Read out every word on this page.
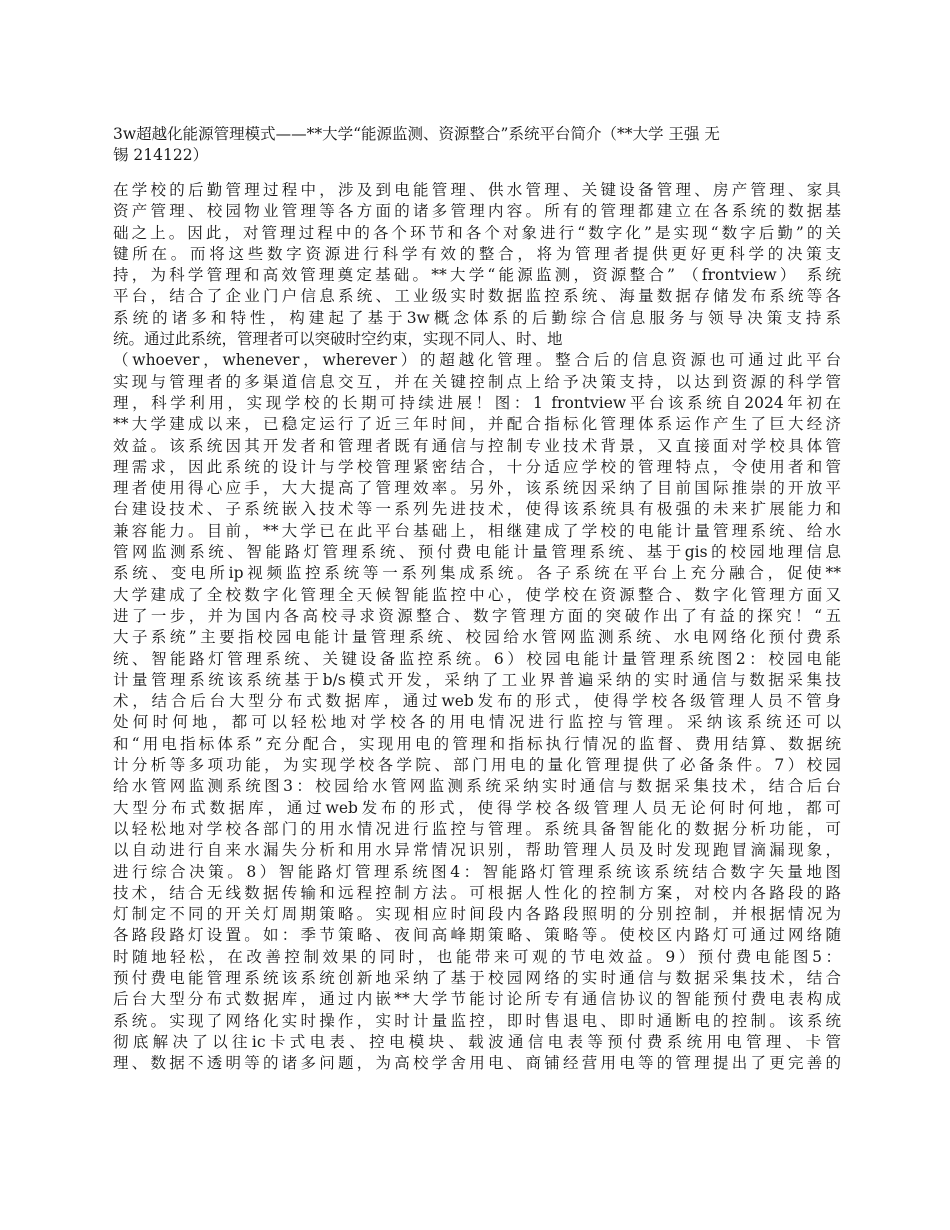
3w超越化能源管理模式——**大学“能源监测、资源整合”系统平台简介（**大学 王强 无
锡 214122）
在学校的后勤管理过程中，涉及到电能管理、供水管理、关键设备管理、房产管理、家具
资产管理、校园物业管理等各方面的诸多管理内容。所有的管理都建立在各系统的数据基
础之上。因此，对管理过程中的各个环节和各个对象进行“数字化”是实现“数字后勤”的关
键所在。而将这些数字资源进行科学有效的整合，将为管理者提供更好更科学的决策支
持，为科学管理和高效管理奠定基础。**大学“能源监测，资源整合” （frontview） 系统
平台，结合了企业门户信息系统、工业级实时数据监控系统、海量数据存储发布系统等各
系统的诸多和特性，构建起了基于3w概念体系的后勤综合信息服务与领导决策支持系
统。通过此系统，管理者可以突破时空约束，实现不同人、时、地
（whoever，whenever，wherever）的超越化管理。整合后的信息资源也可通过此平台
实现与管理者的多渠道信息交互，并在关键控制点上给予决策支持，以达到资源的科学管
理，科学利用，实现学校的长期可持续进展！图：1 frontview平台该系统自2024年初在
**大学建成以来，已稳定运行了近三年时间，并配合指标化管理体系运作产生了巨大经济
效益。该系统因其开发者和管理者既有通信与控制专业技术背景，又直接面对学校具体管
理需求，因此系统的设计与学校管理紧密结合，十分适应学校的管理特点，令使用者和管
理者使用得心应手，大大提高了管理效率。另外，该系统因采纳了目前国际推崇的开放平
台建设技术、子系统嵌入技术等一系列先进技术，使得该系统具有极强的未来扩展能力和
兼容能力。目前，**大学已在此平台基础上，相继建成了学校的电能计量管理系统、给水
管网监测系统、智能路灯管理系统、预付费电能计量管理系统、基于gis的校园地理信息
系统、变电所ip视频监控系统等一系列集成系统。各子系统在平台上充分融合，促使**
大学建成了全校数字化管理全天候智能监控中心，使学校在资源整合、数字化管理方面又
进了一步，并为国内各高校寻求资源整合、数字管理方面的突破作出了有益的探究！“五
大子系统”主要指校园电能计量管理系统、校园给水管网监测系统、水电网络化预付费系
统、智能路灯管理系统、关键设备监控系统。6）校园电能计量管理系统图2：校园电能
计量管理系统该系统基于b/s模式开发，采纳了工业界普遍采纳的实时通信与数据采集技
术，结合后台大型分布式数据库，通过web发布的形式，使得学校各级管理人员不管身
处何时何地，都可以轻松地对学校各的用电情况进行监控与管理。采纳该系统还可以
和“用电指标体系”充分配合，实现用电的管理和指标执行情况的监督、费用结算、数据统
计分析等多项功能，为实现学校各学院、部门用电的量化管理提供了必备条件。7）校园
给水管网监测系统图3：校园给水管网监测系统采纳实时通信与数据采集技术，结合后台
大型分布式数据库，通过web发布的形式，使得学校各级管理人员无论何时何地，都可
以轻松地对学校各部门的用水情况进行监控与管理。系统具备智能化的数据分析功能，可
以自动进行自来水漏失分析和用水异常情况识别，帮助管理人员及时发现跑冒滴漏现象，
进行综合决策。8）智能路灯管理系统图4：智能路灯管理系统该系统结合数字矢量地图
技术，结合无线数据传输和远程控制方法。可根据人性化的控制方案，对校内各路段的路
灯制定不同的开关灯周期策略。实现相应时间段内各路段照明的分别控制，并根据情况为
各路段路灯设置。如：季节策略、夜间高峰期策略、策略等。使校区内路灯可通过网络随
时随地轻松，在改善控制效果的同时，也能带来可观的节电效益。9）预付费电能图5：
预付费电能管理系统该系统创新地采纳了基于校园网络的实时通信与数据采集技术，结合
后台大型分布式数据库，通过内嵌**大学节能讨论所专有通信协议的智能预付费电表构成
系统。实现了网络化实时操作，实时计量监控，即时售退电、即时通断电的控制。该系统
彻底解决了以往ic卡式电表、控电模块、载波通信电表等预付费系统用电管理、卡管
理、数据不透明等的诸多问题，为高校学舍用电、商铺经营用电等的管理提出了更完善的
